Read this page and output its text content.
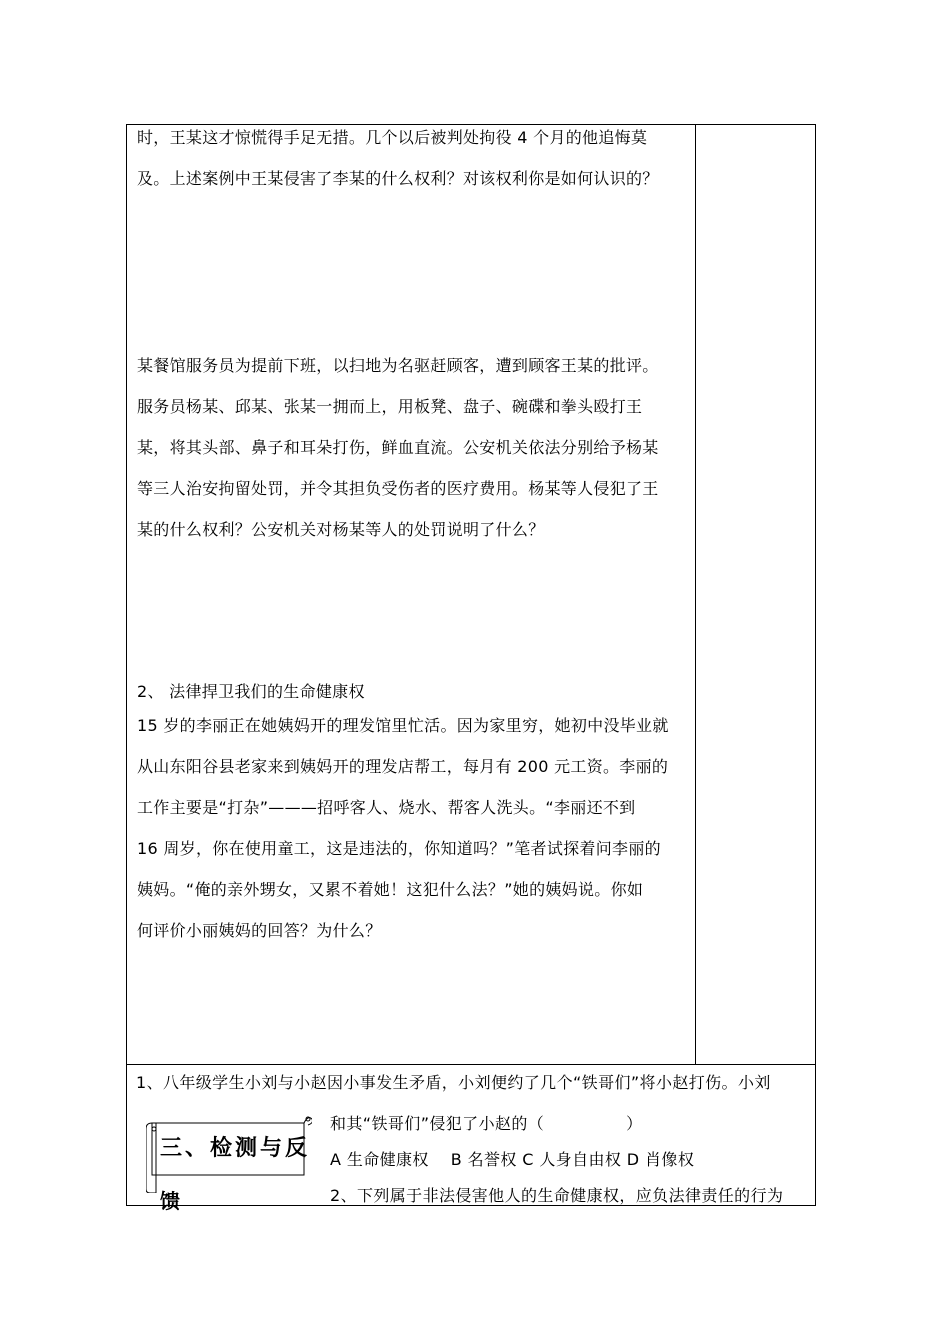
时，王某这才惊慌得手足无措。几个以后被判处拘役 4 个月的他追悔莫
及。上述案例中王某侵害了李某的什么权利？对该权利你是如何认识的？
某餐馆服务员为提前下班，以扫地为名驱赶顾客，遭到顾客王某的批评。
服务员杨某、邱某、张某一拥而上，用板凳、盘子、碗碟和拳头殴打王
某，将其头部、鼻子和耳朵打伤，鲜血直流。公安机关依法分别给予杨某
等三人治安拘留处罚，并令其担负受伤者的医疗费用。杨某等人侵犯了王
某的什么权利？公安机关对杨某等人的处罚说明了什么？
2、 法律捍卫我们的生命健康权
15 岁的李丽正在她姨妈开的理发馆里忙活。因为家里穷，她初中没毕业就
从山东阳谷县老家来到姨妈开的理发店帮工，每月有 200 元工资。李丽的
工作主要是“打杂”———招呼客人、烧水、帮客人洗头。“李丽还不到
16 周岁，你在使用童工，这是违法的，你知道吗？”笔者试探着问李丽的
姨妈。“俺的亲外甥女，又累不着她！这犯什么法？”她的姨妈说。你如
何评价小丽姨妈的回答？为什么？
1、八年级学生小刘与小赵因小事发生矛盾，小刘便约了几个“铁哥们”将小赵打伤。小刘
和其“铁哥们”侵犯了小赵的（　　　　　）
A 生命健康权　 B 名誉权 C 人身自由权 D 肖像权
2、下列属于非法侵害他人的生命健康权，应负法律责任的行为
三、检测与反
馈
